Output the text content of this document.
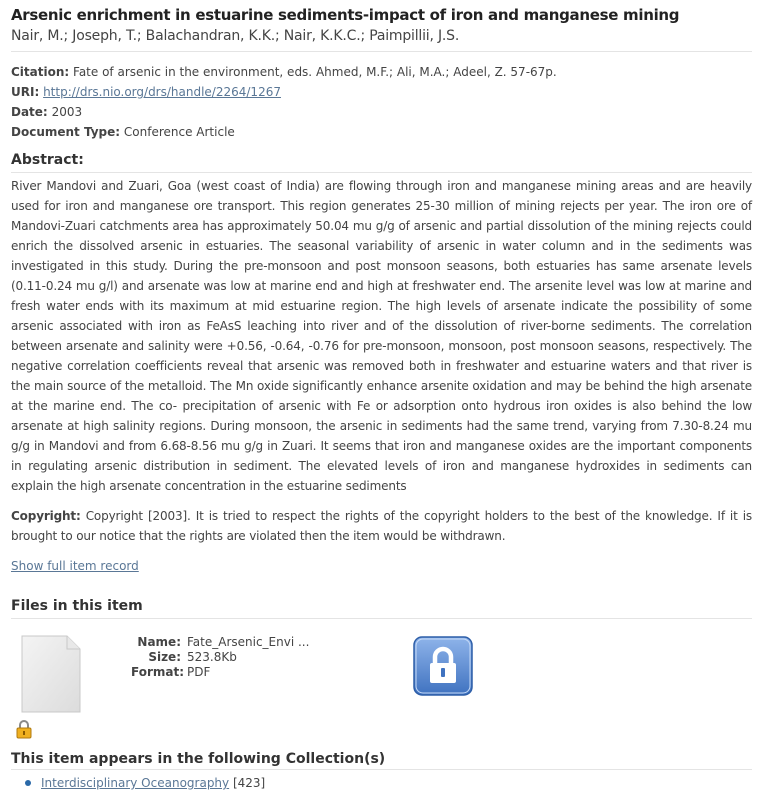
Arsenic enrichment in estuarine sediments-impact of iron and manganese mining
Nair, M.; Joseph, T.; Balachandran, K.K.; Nair, K.K.C.; Paimpillii, J.S.
Citation: Fate of arsenic in the environment, eds. Ahmed, M.F.; Ali, M.A.; Adeel, Z. 57-67p.
URI: http://drs.nio.org/drs/handle/2264/1267
Date: 2003
Document Type: Conference Article
Abstract:
River Mandovi and Zuari, Goa (west coast of India) are flowing through iron and manganese mining areas and are heavily used for iron and manganese ore transport. This region generates 25-30 million of mining rejects per year. The iron ore of Mandovi-Zuari catchments area has approximately 50.04 mu g/g of arsenic and partial dissolution of the mining rejects could enrich the dissolved arsenic in estuaries. The seasonal variability of arsenic in water column and in the sediments was investigated in this study. During the pre-monsoon and post monsoon seasons, both estuaries has same arsenate levels (0.11-0.24 mu g/l) and arsenate was low at marine end and high at freshwater end. The arsenite level was low at marine and fresh water ends with its maximum at mid estuarine region. The high levels of arsenate indicate the possibility of some arsenic associated with iron as FeAsS leaching into river and of the dissolution of river-borne sediments. The correlation between arsenate and salinity were +0.56, -0.64, -0.76 for pre-monsoon, monsoon, post monsoon seasons, respectively. The negative correlation coefficients reveal that arsenic was removed both in freshwater and estuarine waters and that river is the main source of the metalloid. The Mn oxide significantly enhance arsenite oxidation and may be behind the high arsenate at the marine end. The co- precipitation of arsenic with Fe or adsorption onto hydrous iron oxides is also behind the low arsenate at high salinity regions. During monsoon, the arsenic in sediments had the same trend, varying from 7.30-8.24 mu g/g in Mandovi and from 6.68-8.56 mu g/g in Zuari. It seems that iron and manganese oxides are the important components in regulating arsenic distribution in sediment. The elevated levels of iron and manganese hydroxides in sediments can explain the high arsenate concentration in the estuarine sediments
Copyright: Copyright [2003]. It is tried to respect the rights of the copyright holders to the best of the knowledge. If it is brought to our notice that the rights are violated then the item would be withdrawn.
Show full item record
Files in this item
Name: Fate_Arsenic_Envi ...
Size: 523.8Kb
Format: PDF
This item appears in the following Collection(s)
Interdisciplinary Oceanography [423]
